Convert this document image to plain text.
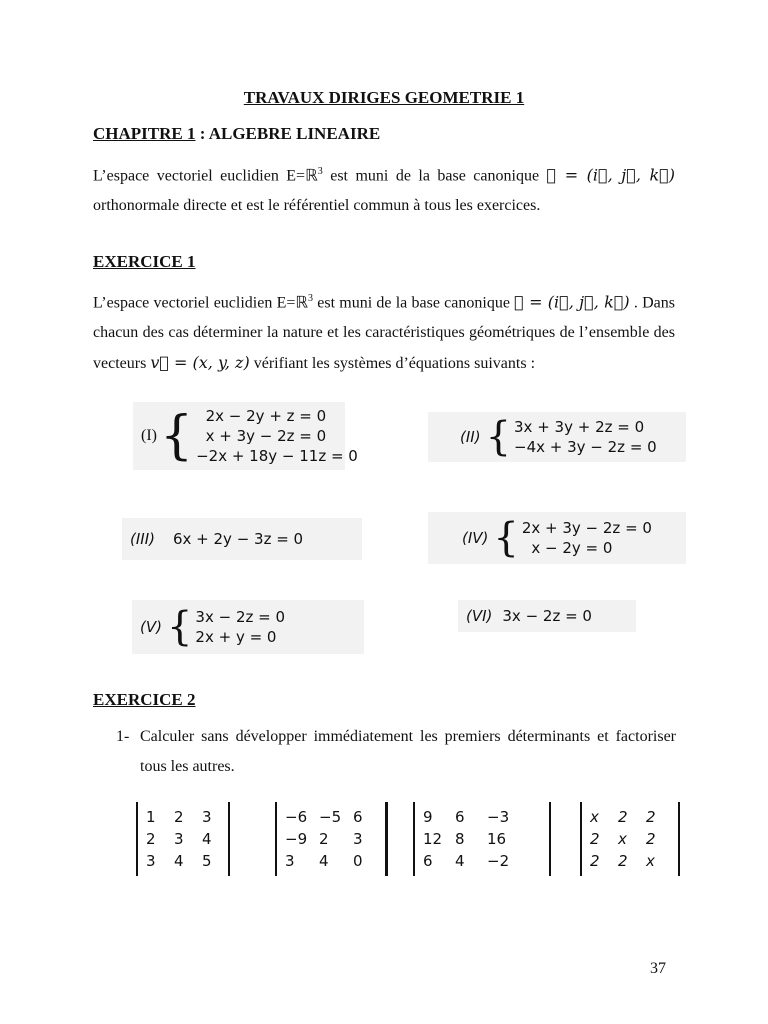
TRAVAUX DIRIGES GEOMETRIE 1
CHAPITRE 1 : ALGEBRE LINEAIRE
L’espace vectoriel euclidien E=ℝ$^3$ est muni de la base canonique 𝓑 = (i⃗, j⃗, k⃗) orthonormale directe et est le référentiel commun à tous les exercices.
EXERCICE 1
L’espace vectoriel euclidien E=ℝ$^3$ est muni de la base canonique 𝓑 = (i⃗, j⃗, k⃗) . Dans chacun des cas déterminer la nature et les caractéristiques géométriques de l’ensemble des vecteurs v⃗ = (x, y, z) vérifiant les systèmes d’équations suivants :
(I) { 2x − 2y + z = 0
x + 3y − 2z = 0
−2x + 18y − 11z = 0
(II) { 3x + 3y + 2z = 0
−4x + 3y − 2z = 0
(III) 6x + 2y − 3z = 0	(IV) { 2x + 3y − 2z = 0
x − 2y = 0
(V) { 3x − 2z = 0
2x + y = 0
(VI) 3x − 2z = 0
EXERCICE 2
1- Calculer sans développer immédiatement les premiers déterminants et factoriser tous les autres.
1	2	3
2	3	4
3	4	5
−6 −5 6
−9 2	3
3	4	0
9	6	−3
12 8	16
6	4	−2
x	2	2
2	x	2
2	2	x
37
